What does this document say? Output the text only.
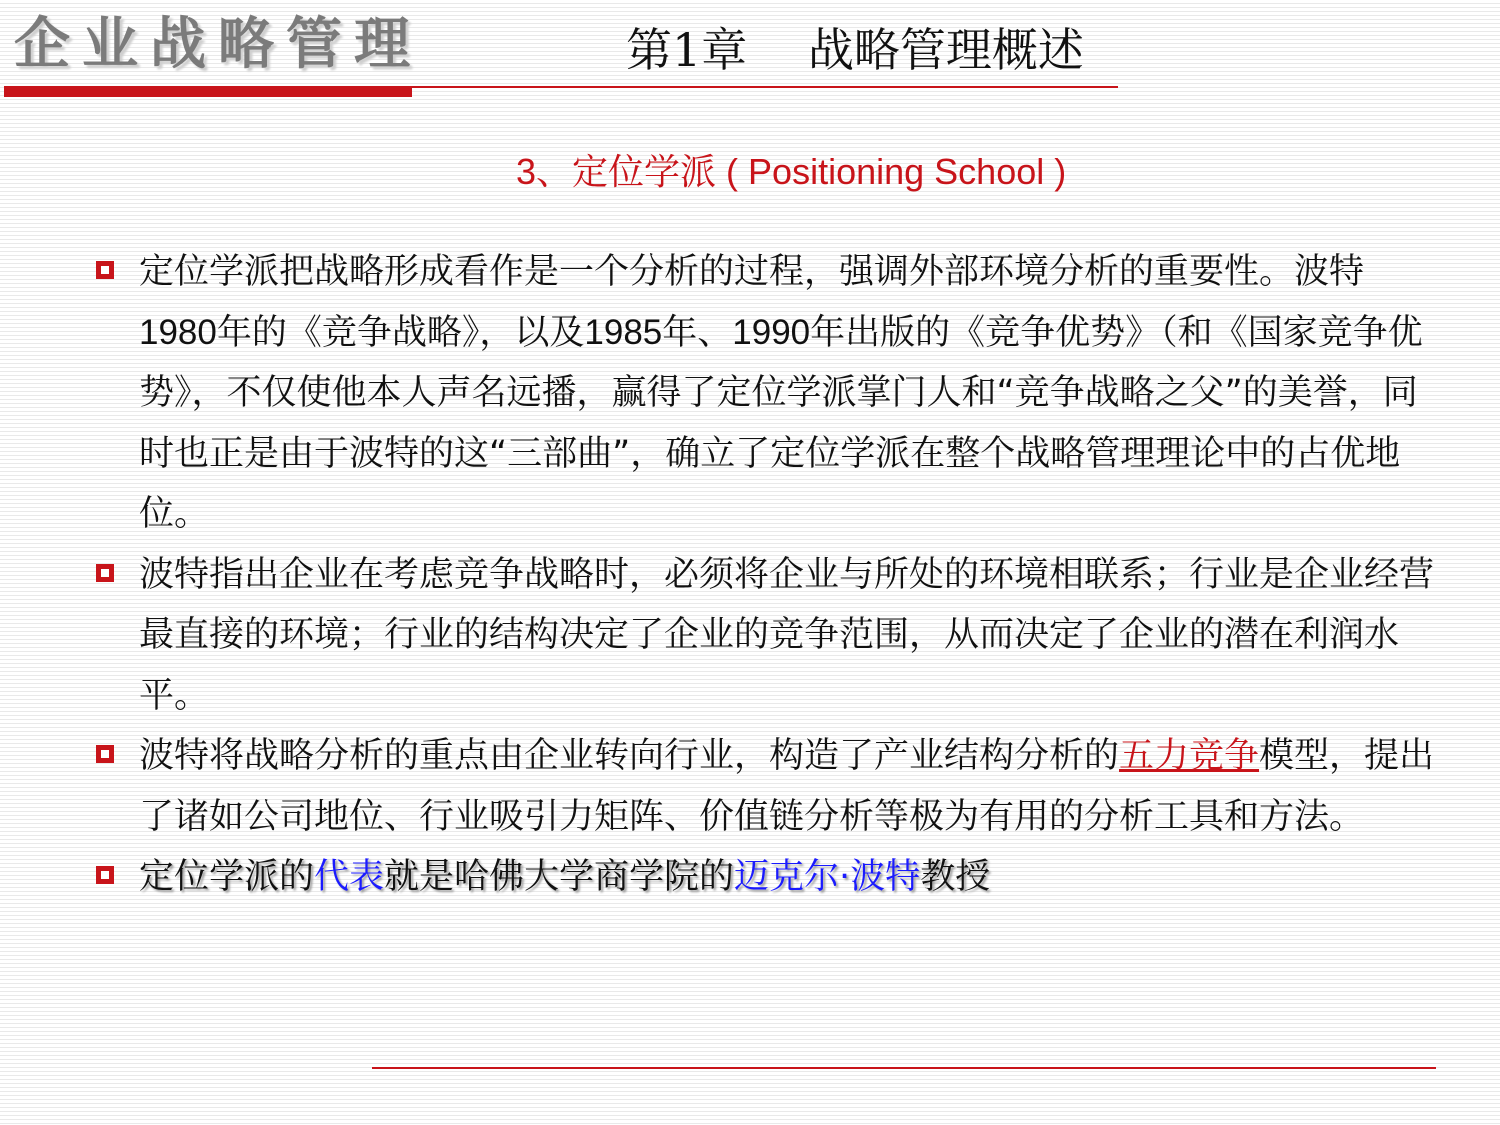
企业战略管理	第1章　 战略管理概述
3、定位学派 ( Positioning School )
定位学派把战略形成看作是一个分析的过程，强调外部环境分析的重要性。波特1980年的《竞争战略》，以及1985年、1990年出版的《竞争优势》（和《国家竞争优势》，不仅使他本人声名远播，赢得了定位学派掌门人和“竞争战略之父”的美誉，同时也正是由于波特的这“三部曲”，确立了定位学派在整个战略管理理论中的占优地位。
波特指出企业在考虑竞争战略时，必须将企业与所处的环境相联系；行业是企业经营最直接的环境；行业的结构决定了企业的竞争范围，从而决定了企业的潜在利润水平。
波特将战略分析的重点由企业转向行业，构造了产业结构分析的五力竞争模型，提出了诸如公司地位、行业吸引力矩阵、价值链分析等极为有用的分析工具和方法。
定位学派的代表就是哈佛大学商学院的迈克尔·波特教授
